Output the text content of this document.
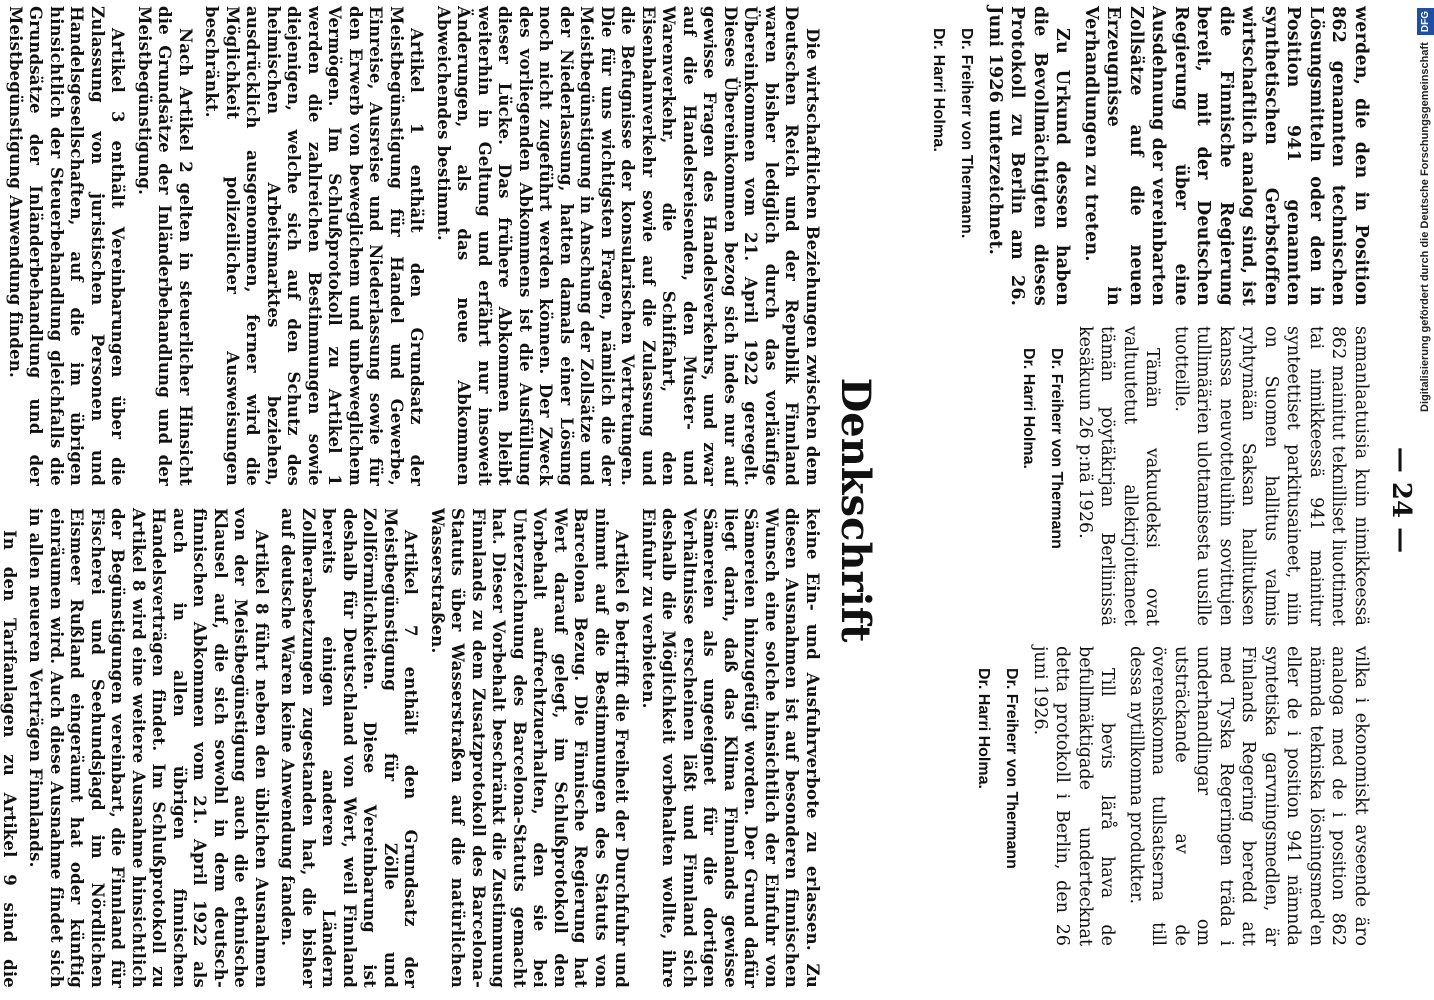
— 24 —

werden, die den in Position 862 genannten technischen Lösungsmitteln oder den in Position 941 genannten synthetischen Gerbstoffen wirtschaftlich analog sind, ist die Finnische Regierung bereit, mit der Deutschen Regierung über eine Ausdehnung der vereinbarten Zollsätze auf die neuen Erzeugnisse in Verhandlungen zu treten.

Zu Urkund dessen haben die Bevollmächtigten dieses Protokoll zu Berlin am 26. Juni 1926 unterzeichnet.

Dr. Freiherr von Thermann.

Dr. Harri Holma.

samanlaatuisia kuin nimikkeessä 862 mainitut teknilliset liuottimet tai nimikkeessä 941 mainitur synteettiset parkitusaineet, niin on Suomen hallitus valmis ryhtymään Saksan hallituksen kanssa neuvotteluihin sovittujen tullimäärien ulottamisesta uusille tuotteille.

Tämän vakuudeksi ovat valtuutetut allekirjoittaneet tämän pöytäkirjan Berliinissä kesäkuun 26 p:nä 1926.

Dr. Freiherr von Thermann

Dr. Harri Holma.

vilka i ekonomiskt avseende äro analoga med de i position 862 nämnda tekniska lösningsmed'en eller de i position 941 nämnda syntetiska garvningsmedlen, är Finlands Regering beredd att med Tyska Regeringen träda i underhandlingar om utsträckande av de överenskomna tullsatserna till dessa nytillkomna produkter.

Till bevis lärå hava de befullmäktigade undertecknat detta protokoll i Berlin, den 26 juni 1926.

Dr. Freiherr von Thermann

Dr. Harri Holma.

Denkschrift

Die wirtschaftlichen Beziehungen zwischen dem Deutschen Reich und der Republik Finnland waren bisher lediglich durch das vorläufige Übereinkommen vom 21. April 1922 geregelt. Dieses Übereinkommen bezog sich indes nur auf gewisse Fragen des Handelsverkehrs, und zwar auf die Handelsreisenden, den Muster- und Warenverkehr, die Schiffahrt, den Eisenbahnverkehr sowie auf die Zulassung und die Befugnisse der konsularischen Vertretungen. Die für uns wichtigsten Fragen, nämlich die der Meistbegünstigung in Anschung der Zollsätze und der Niederlassung, hatten damals einer Lösung noch nicht zugeführt werden können. Der Zweck des vorliegenden Abkommens ist die Ausfüllung dieser Lücke. Das frühere Abkommen bleibt weiterhin in Geltung und erfährt nur insoweit Änderungen, als das neue Abkommen Abweichendes bestimmt.

Artikel 1 enthält den Grundsatz der Meistbegünstigung für Handel und Gewerbe, Einreise, Ausreise und Niederlassung sowie für den Erwerb von beweglichem und unbeweglichem Vermögen. Im Schlußprotokoll zu Artikel 1 werden die zahlreichen Bestimmungen sowie diejenigen, welche sich auf den Schutz des heimischen Arbeitsmarktes beziehen, ausdrücklich ausgenommen, ferner wird die Möglichkeit polizeilicher Ausweisungen beschränkt.

Nach Artikel 2 gelten in steuerlicher Hinsicht die Grundsätze der Inländerbehandlung und der Meistbegünstigung.

Artikel 3 enthält Vereinbarungen über die Zulassung von juristischen Personen und Handelsgesellschaften, auf die im übrigen hinsichtlich der Steuerbehandlung gleichfalls die Grundsätze der Inländerbehandlung und der Meistbegünstigung Anwendung finden.

keine Ein- und Ausfuhrverbote zu erlassen. Zu diesen Ausnahmen ist auf besonderen finnischen Wunsch eine solche hinsichtlich der Einfuhr von Sämereien hinzugefügt worden. Der Grund dafür liegt darin, daß das Klima Finnlands gewisse Sämereien als ungeeignet für die dortigen Verhältnisse erscheinen läßt und Finnland sich deshalb die Möglichkeit vorbehalten wollte, ihre Einfuhr zu verbieten.

Artikel 6 betrifft die Freiheit der Durchfuhr und nimmt auf die Bestimmungen des Statuts von Barcelona Bezug. Die Finnische Regierung hat Wert darauf gelegt, im Schlußprotokoll den Vorbehalt aufrechtzuerhalten, den sie bei Unterzeichnung des Barcelona-Statuts gemacht hat. Dieser Vorbehalt beschränkt die Zustimmung Finnlands zu dem Zusatzprotokoll des Barcelona-Statuts über Wasserstraßen auf die natürlichen Wasserstraßen.

Artikel 7 enthält den Grundsatz der Meistbegünstigung für Zölle und Zollförmlichkeiten. Diese Vereinbarung ist deshalb für Deutschland von Wert, weil Finnland bereits einigen anderen Ländern Zollherabsetzungen zugestanden hat, die bisher auf deutsche Waren keine Anwendung fanden.

Artikel 8 führt neben den üblichen Ausnahmen von der Meistbegünstigung auch die ethnische Klausel auf, die sich sowohl in dem deutsch-finnischen Abkommen vom 21. April 1922 als auch in allen übrigen finnischen Handelsverträgen findet. Im Schlußprotokoll zu Artikel 8 wird eine weitere Ausnahme hinsichtlich der Begünstigungen vereinbart, die Finnland für Fischerei und Seehundsjagd im Nördlichen Eismeer Rußland eingeräumt hat oder künftig einräumen wird. Auch diese Ausnahme findet sich in allen neueren Verträgen Finnlands.

In den Tarifanlagen zu Artikel 9 sind die

Digitalisierung gefördert durch die Deutsche Forschungsgemeinschaft DFG
